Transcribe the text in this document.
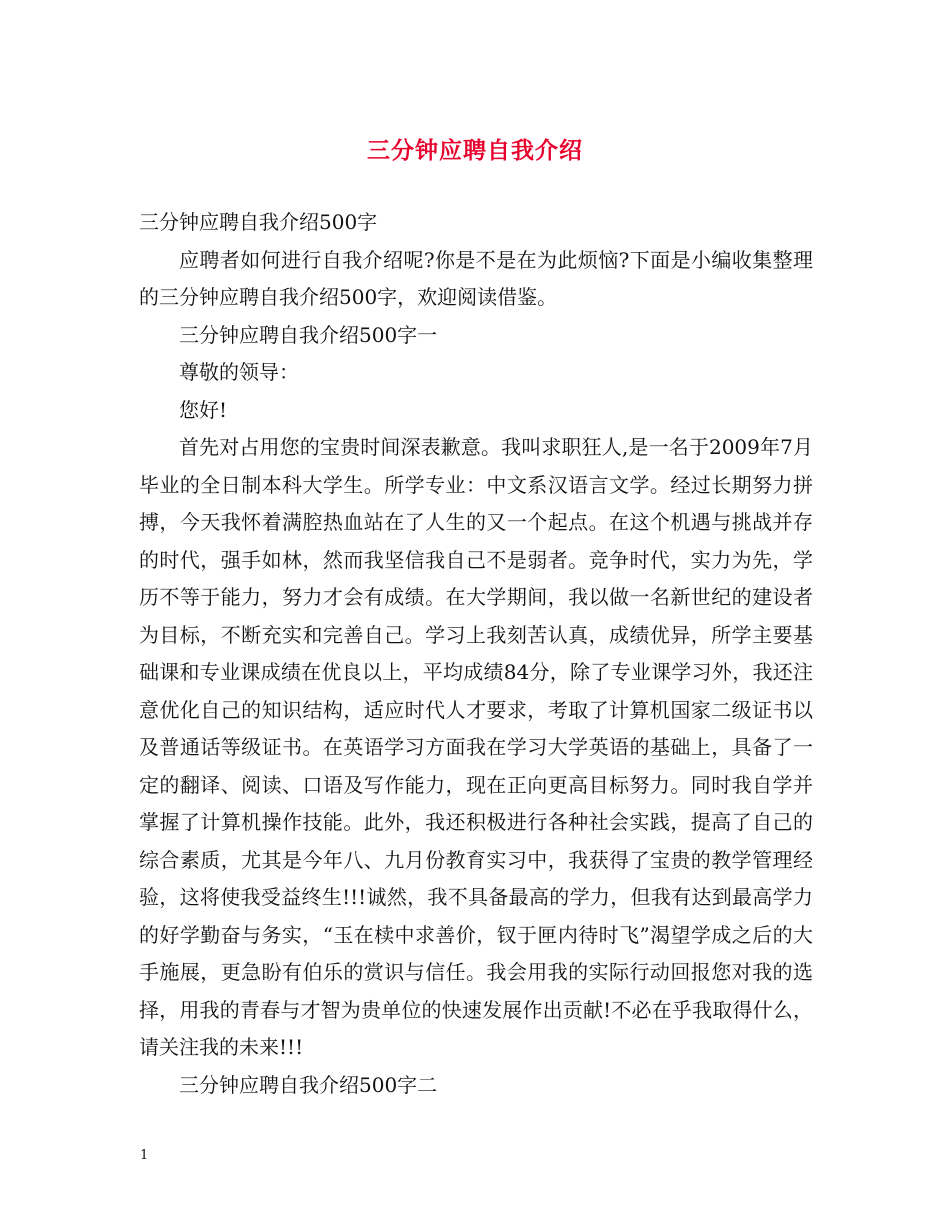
三分钟应聘自我介绍

三分钟应聘自我介绍500字

应聘者如何进行自我介绍呢?你是不是在为此烦恼?下面是小编收集整理的三分钟应聘自我介绍500字，欢迎阅读借鉴。

三分钟应聘自我介绍500字一

尊敬的领导：

您好!

首先对占用您的宝贵时间深表歉意。我叫求职狂人,是一名于2009年7月毕业的全日制本科大学生。所学专业：中文系汉语言文学。经过长期努力拼搏，今天我怀着满腔热血站在了人生的又一个起点。在这个机遇与挑战并存的时代，强手如林，然而我坚信我自己不是弱者。竞争时代，实力为先，学历不等于能力，努力才会有成绩。在大学期间，我以做一名新世纪的建设者为目标，不断充实和完善自己。学习上我刻苦认真，成绩优异，所学主要基础课和专业课成绩在优良以上，平均成绩84分，除了专业课学习外，我还注意优化自己的知识结构，适应时代人才要求，考取了计算机国家二级证书以及普通话等级证书。在英语学习方面我在学习大学英语的基础上，具备了一定的翻译、阅读、口语及写作能力，现在正向更高目标努力。同时我自学并掌握了计算机操作技能。此外，我还积极进行各种社会实践，提高了自己的综合素质，尤其是今年八、九月份教育实习中，我获得了宝贵的教学管理经验，这将使我受益终生!!!诚然，我不具备最高的学力，但我有达到最高学力的好学勤奋与务实，“玉在椟中求善价，钗于匣内待时飞”渴望学成之后的大手施展，更急盼有伯乐的赏识与信任。我会用我的实际行动回报您对我的选择，用我的青春与才智为贵单位的快速发展作出贡献!不必在乎我取得什么，请关注我的未来!!!

三分钟应聘自我介绍500字二

1
